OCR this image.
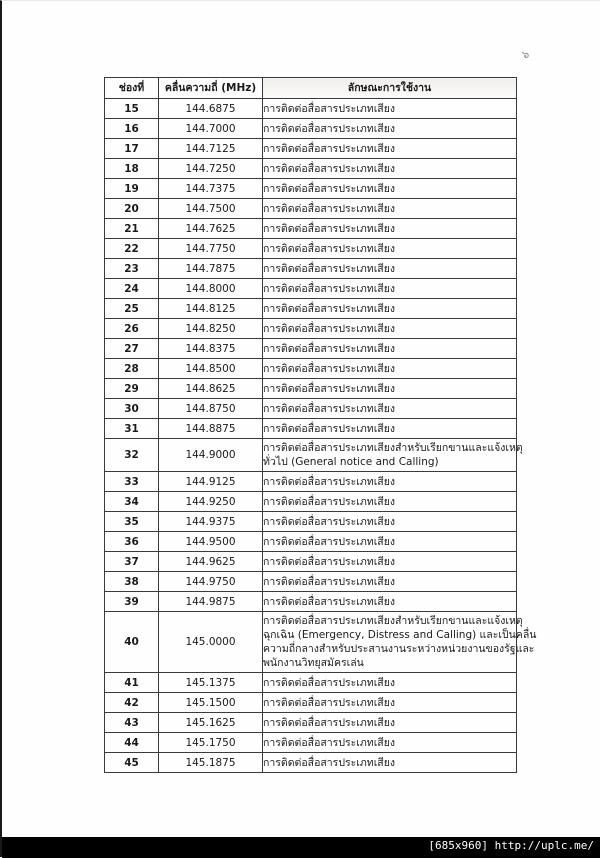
๖
ช่องที่	คลื่นความถี่ (MHz)	ลักษณะการใช้งาน
15	144.6875	การติดต่อสื่อสารประเภทเสียง

16	144.7000	การติดต่อสื่อสารประเภทเสียง

17	144.7125	การติดต่อสื่อสารประเภทเสียง

18	144.7250	การติดต่อสื่อสารประเภทเสียง

19	144.7375	การติดต่อสื่อสารประเภทเสียง

20	144.7500	การติดต่อสื่อสารประเภทเสียง

21	144.7625	การติดต่อสื่อสารประเภทเสียง

22	144.7750	การติดต่อสื่อสารประเภทเสียง

23	144.7875	การติดต่อสื่อสารประเภทเสียง

24	144.8000	การติดต่อสื่อสารประเภทเสียง

25	144.8125	การติดต่อสื่อสารประเภทเสียง

26	144.8250	การติดต่อสื่อสารประเภทเสียง

27	144.8375	การติดต่อสื่อสารประเภทเสียง

28	144.8500	การติดต่อสื่อสารประเภทเสียง

29	144.8625	การติดต่อสื่อสารประเภทเสียง

30	144.8750	การติดต่อสื่อสารประเภทเสียง

31	144.8875	การติดต่อสื่อสารประเภทเสียง

32	144.9000	การติดต่อสื่อสารประเภทเสียงสำหรับเรียกขานและแจ้งเหตุ
ทั่วไป (General notice and Calling)

33	144.9125	การติดต่อสื่อสารประเภทเสียง

34	144.9250	การติดต่อสื่อสารประเภทเสียง

35	144.9375	การติดต่อสื่อสารประเภทเสียง

36	144.9500	การติดต่อสื่อสารประเภทเสียง

37	144.9625	การติดต่อสื่อสารประเภทเสียง

38	144.9750	การติดต่อสื่อสารประเภทเสียง

39	144.9875	การติดต่อสื่อสารประเภทเสียง

40	145.0000	การติดต่อสื่อสารประเภทเสียงสำหรับเรียกขานและแจ้งเหตุ
ฉุกเฉิน (Emergency, Distress and Calling) และเป็นคลื่น
ความถี่กลางสำหรับประสานงานระหว่างหน่วยงานของรัฐและ
พนักงานวิทยุสมัครเล่น

41	145.1375	การติดต่อสื่อสารประเภทเสียง

42	145.1500	การติดต่อสื่อสารประเภทเสียง

43	145.1625	การติดต่อสื่อสารประเภทเสียง

44	145.1750	การติดต่อสื่อสารประเภทเสียง

45	145.1875	การติดต่อสื่อสารประเภทเสียง
[685x960] http://uplc.me/
